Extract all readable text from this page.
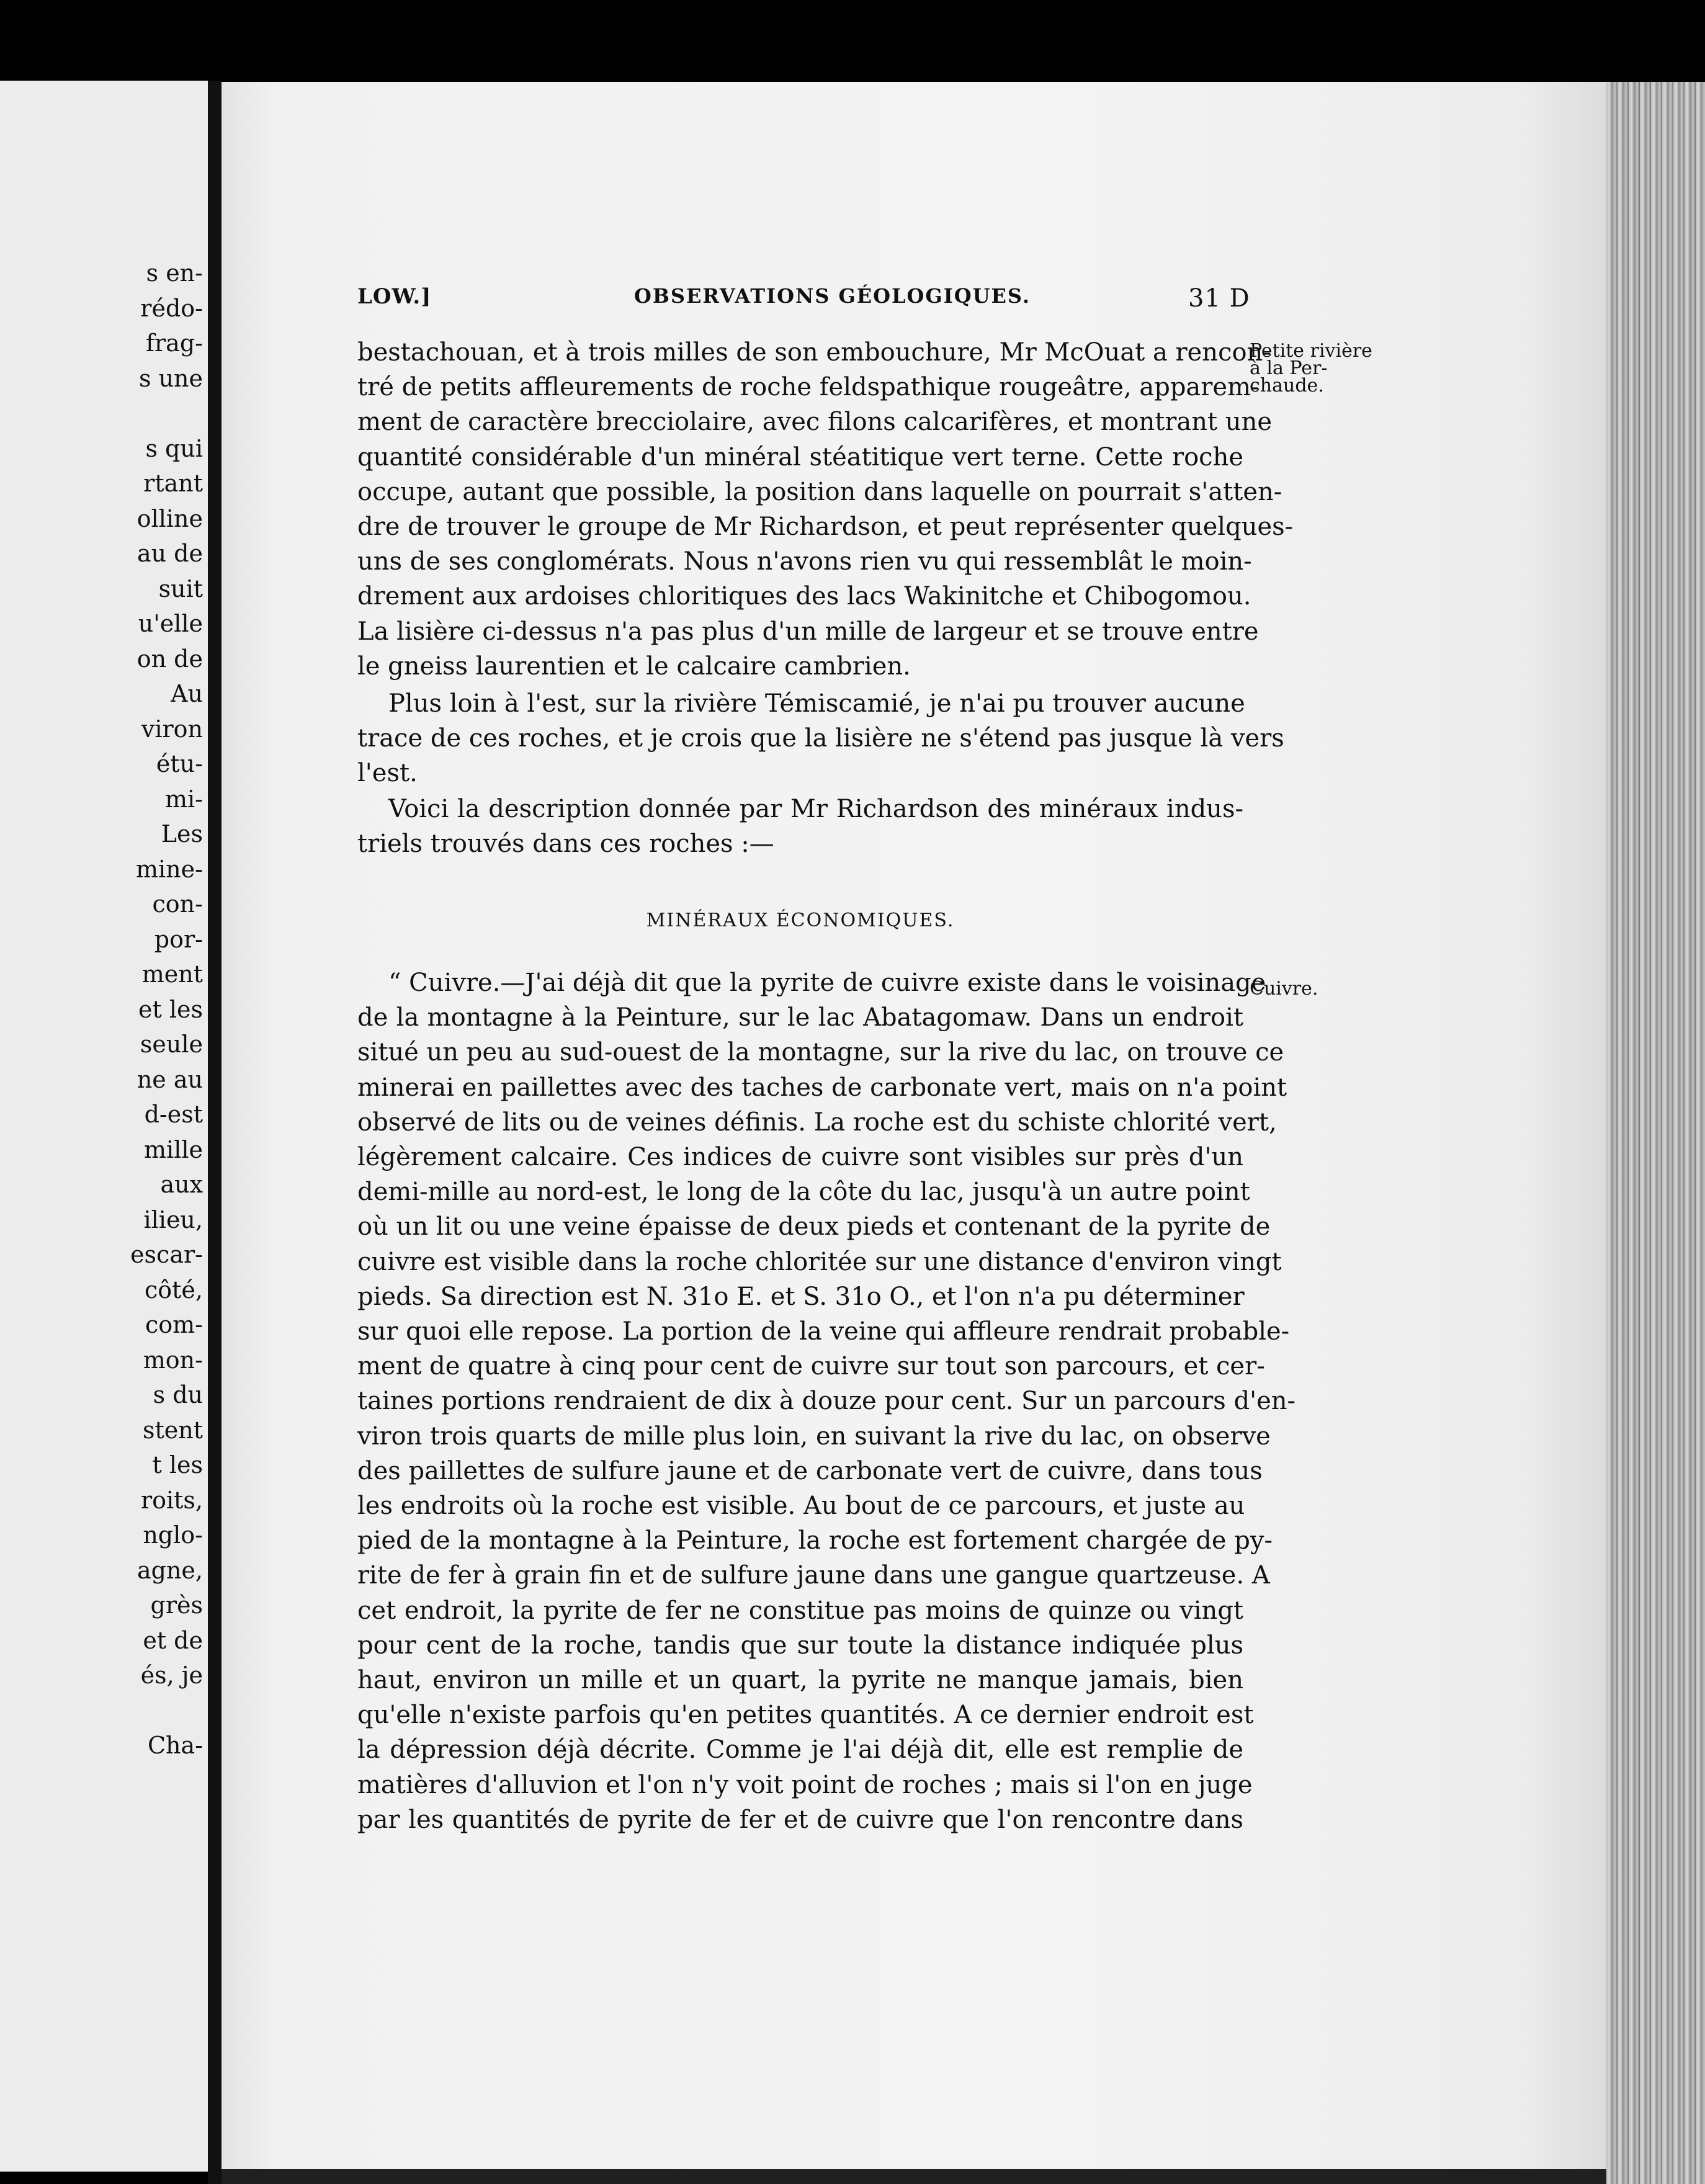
s en-
rédo-
frag-
s une
s qui
rtant
olline
au de
suit
u'elle
on de
Au
viron
étu-
mi-
Les
mine-
con-
por-
ment
et les
seule
ne au
d-est
mille
aux
ilieu,
escar-
côté,
com-
mon-
s du
stent
t les
roits,
nglo-
agne,
grès
et de
és, je
Cha-
LOW.]	OBSERVATIONS GÉOLOGIQUES.	31 D
bestachouan, et à trois milles de son embouchure, Mr McOuat a rencon-
tré de petits affleurements de roche feldspathique rougeâtre, apparem-
ment de caractère brecciolaire, avec filons calcarifères, et montrant une
quantité considérable d'un minéral stéatitique vert terne. Cette roche
occupe, autant que possible, la position dans laquelle on pourrait s'atten-
dre de trouver le groupe de Mr Richardson, et peut représenter quelques-
uns de ses conglomérats. Nous n'avons rien vu qui ressemblât le moin-
drement aux ardoises chloritiques des lacs Wakinitche et Chibogomou.
La lisière ci-dessus n'a pas plus d'un mille de largeur et se trouve entre
le gneiss laurentien et le calcaire cambrien.
Plus loin à l'est, sur la rivière Témiscamié, je n'ai pu trouver aucune
trace de ces roches, et je crois que la lisière ne s'étend pas jusque là vers
l'est.
Voici la description donnée par Mr Richardson des minéraux indus-
triels trouvés dans ces roches :—
“ Cuivre.—J'ai déjà dit que la pyrite de cuivre existe dans le voisinage
de la montagne à la Peinture, sur le lac Abatagomaw. Dans un endroit
situé un peu au sud-ouest de la montagne, sur la rive du lac, on trouve ce
minerai en paillettes avec des taches de carbonate vert, mais on n'a point
observé de lits ou de veines définis. La roche est du schiste chlorité vert,
légèrement calcaire. Ces indices de cuivre sont visibles sur près d'un
demi-mille au nord-est, le long de la côte du lac, jusqu'à un autre point
où un lit ou une veine épaisse de deux pieds et contenant de la pyrite de
cuivre est visible dans la roche chloritée sur une distance d'environ vingt
pieds. Sa direction est N. 31o E. et S. 31o O., et l'on n'a pu déterminer
sur quoi elle repose. La portion de la veine qui affleure rendrait probable-
ment de quatre à cinq pour cent de cuivre sur tout son parcours, et cer-
taines portions rendraient de dix à douze pour cent. Sur un parcours d'en-
viron trois quarts de mille plus loin, en suivant la rive du lac, on observe
des paillettes de sulfure jaune et de carbonate vert de cuivre, dans tous
les endroits où la roche est visible. Au bout de ce parcours, et juste au
pied de la montagne à la Peinture, la roche est fortement chargée de py-
rite de fer à grain fin et de sulfure jaune dans une gangue quartzeuse. A
cet endroit, la pyrite de fer ne constitue pas moins de quinze ou vingt
pour cent de la roche, tandis que sur toute la distance indiquée plus
haut, environ un mille et un quart, la pyrite ne manque jamais, bien
qu'elle n'existe parfois qu'en petites quantités. A ce dernier endroit est
la dépression déjà décrite. Comme je l'ai déjà dit, elle est remplie de
matières d'alluvion et l'on n'y voit point de roches ; mais si l'on en juge
par les quantités de pyrite de fer et de cuivre que l'on rencontre dans
MINÉRAUX ÉCONOMIQUES.
Petite rivière
à la Per-
chaude.
Cuivre.
